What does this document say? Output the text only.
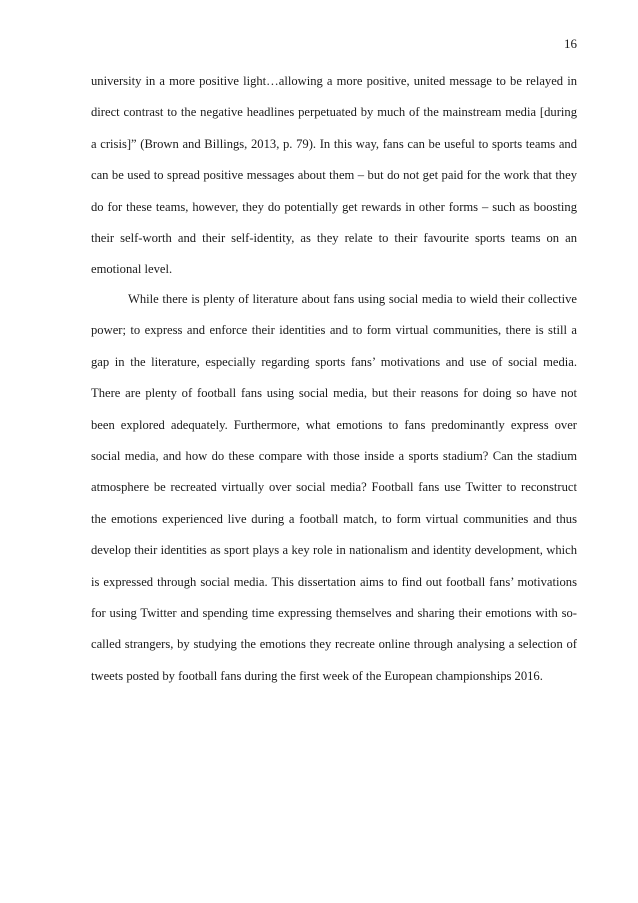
16
university in a more positive light…allowing a more positive, united message to be relayed in
direct contrast to the negative headlines perpetuated by much of the mainstream media [during
a crisis]” (Brown and Billings, 2013, p. 79). In this way, fans can be useful to sports teams and
can be used to spread positive messages about them – but do not get paid for the work that they
do for these teams, however, they do potentially get rewards in other forms – such as boosting
their self-worth and their self-identity, as they relate to their favourite sports teams on an
emotional level.
While there is plenty of literature about fans using social media to wield their collective
power; to express and enforce their identities and to form virtual communities, there is still a
gap in the literature, especially regarding sports fans’ motivations and use of social media.
There are plenty of football fans using social media, but their reasons for doing so have not
been explored adequately. Furthermore, what emotions to fans predominantly express over
social media, and how do these compare with those inside a sports stadium? Can the stadium
atmosphere be recreated virtually over social media? Football fans use Twitter to reconstruct
the emotions experienced live during a football match, to form virtual communities and thus
develop their identities as sport plays a key role in nationalism and identity development, which
is expressed through social media. This dissertation aims to find out football fans’ motivations
for using Twitter and spending time expressing themselves and sharing their emotions with so-
called strangers, by studying the emotions they recreate online through analysing a selection of
tweets posted by football fans during the first week of the European championships 2016.
